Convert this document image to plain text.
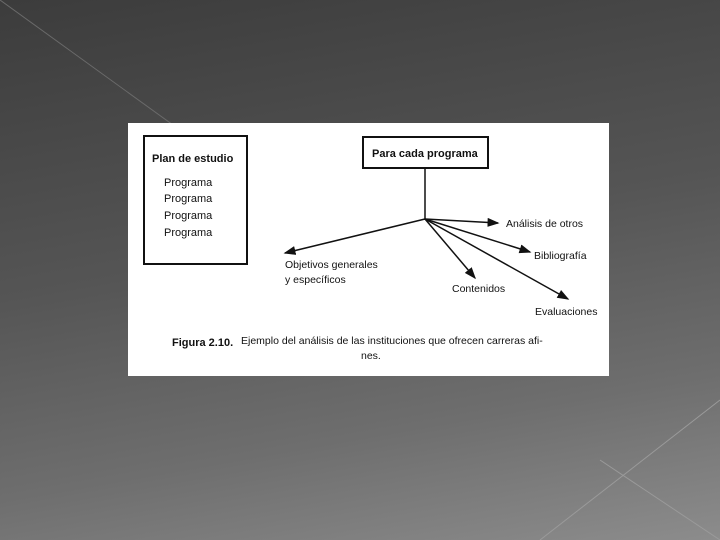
Plan de estudio
Programa
Programa
Programa
Programa
Para cada programa
Objetivos generales
y específicos
Contenidos
Evaluaciones
Bibliografía
Análisis de otros
Figura 2.10. Ejemplo del análisis de las instituciones que ofrecen carreras afi-
nes.
